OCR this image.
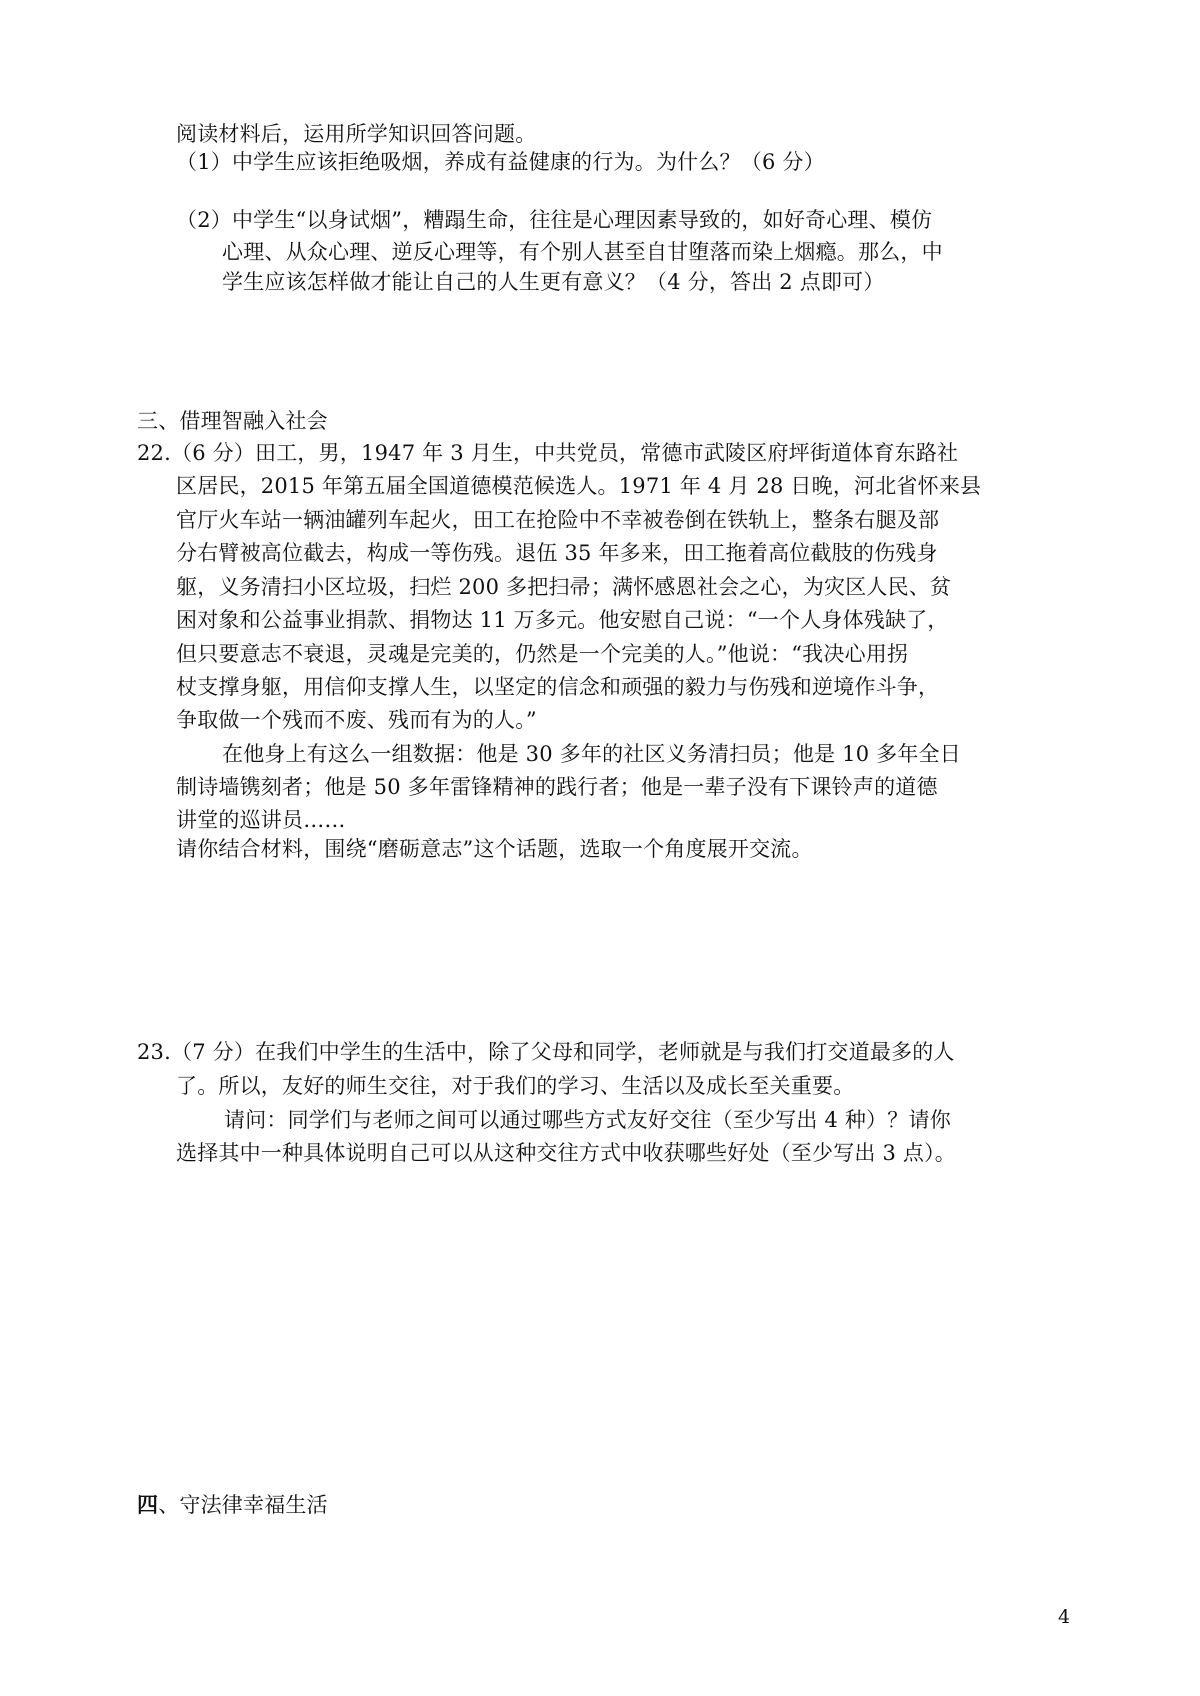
阅读材料后，运用所学知识回答问题。
（1）中学生应该拒绝吸烟，养成有益健康的行为。为什么？（6 分）
（2）中学生“以身试烟”，糟蹋生命，往往是心理因素导致的，如好奇心理、模仿
心理、从众心理、逆反心理等，有个别人甚至自甘堕落而染上烟瘾。那么，中
学生应该怎样做才能让自己的人生更有意义？（4 分，答出 2 点即可）
三、借理智融入社会
22.（6 分）田工，男，1947 年 3 月生，中共党员，常德市武陵区府坪街道体育东路社
区居民，2015 年第五届全国道德模范候选人。1971 年 4 月 28 日晚，河北省怀来县
官厅火车站一辆油罐列车起火，田工在抢险中不幸被卷倒在铁轨上，整条右腿及部
分右臂被高位截去，构成一等伤残。退伍 35 年多来，田工拖着高位截肢的伤残身
躯，义务清扫小区垃圾，扫烂 200 多把扫帚；满怀感恩社会之心，为灾区人民、贫
困对象和公益事业捐款、捐物达 11 万多元。他安慰自己说：“一个人身体残缺了，
但只要意志不衰退，灵魂是完美的，仍然是一个完美的人。”他说：“我决心用拐
杖支撑身躯，用信仰支撑人生，以坚定的信念和顽强的毅力与伤残和逆境作斗争，
争取做一个残而不废、残而有为的人。”
在他身上有这么一组数据：他是 30 多年的社区义务清扫员；他是 10 多年全日
制诗墙镌刻者；他是 50 多年雷锋精神的践行者；他是一辈子没有下课铃声的道德
讲堂的巡讲员……
请你结合材料，围绕“磨砺意志”这个话题，选取一个角度展开交流。
23.（7 分）在我们中学生的生活中，除了父母和同学，老师就是与我们打交道最多的人
了。所以，友好的师生交往，对于我们的学习、生活以及成长至关重要。
请问：同学们与老师之间可以通过哪些方式友好交往（至少写出 4 种）？请你
选择其中一种具体说明自己可以从这种交往方式中收获哪些好处（至少写出 3 点）。
四、守法律幸福生活
4
